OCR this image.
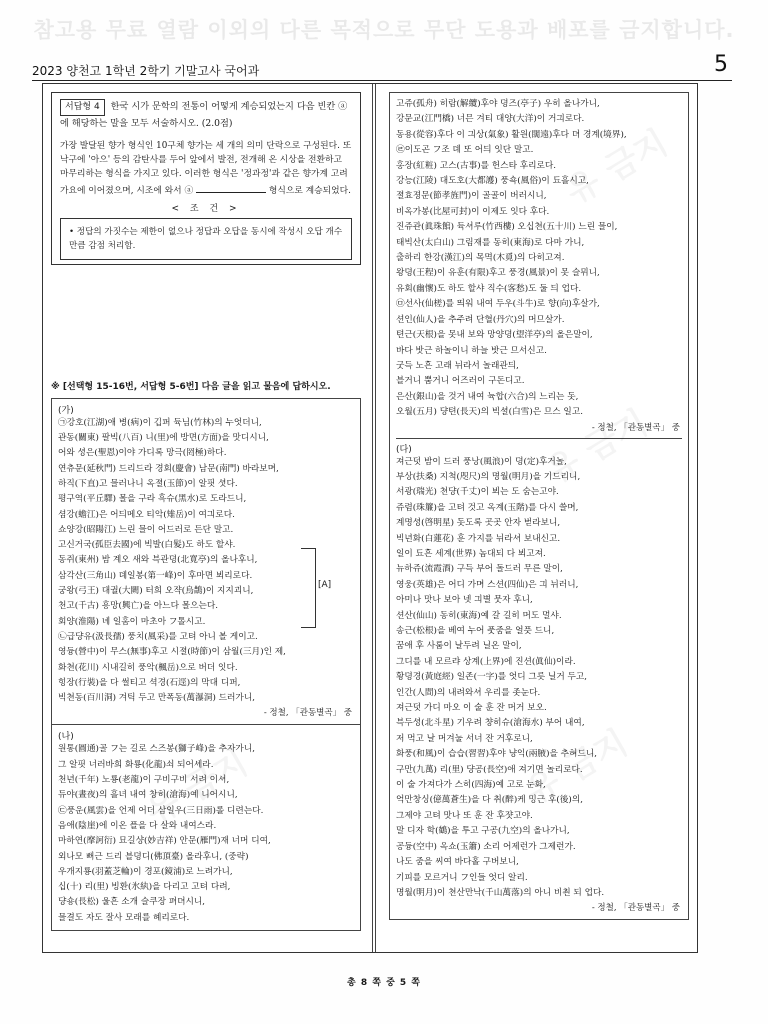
참고용 무료 열람 이외의 다른 목적으로 무단 도용과 배포를 금지합니다.
2023 양천고 1학년 2학기 기말고사 국어과	5
서답형 4 한국 시가 문학의 전통이 어떻게 계승되었는지 다음 빈칸 ⓐ에 해당하는 말을 모두 서술하시오. (2.0점)
가장 발달된 향가 형식인 10구체 향가는 세 개의 의미 단락으로 구성된다. 또 낙구에 '아으' 등의 감탄사를 두어 앞에서 발전, 전개해 온 시상을 전환하고 마무리하는 형식을 가지고 있다. 이러한 형식은 '정과정'과 같은 향가계 고려 가요에 이어졌으며, 시조에 와서 ⓐ	형식으로 계승되었다.
< 조 건 >
• 정답의 가짓수는 제한이 없으나 정답과 오답을 동시에 작성시 오답 개수만큼 감점 처리함.
※ [선택형 15-16번, 서답형 5-6번] 다음 글을 읽고 물음에 답하시오.
(가)
㉠강호(江湖)애 병(病)이 깁퍼 듁님(竹林)의 누엇더니,
관동(關東) 팔빅(八百) 니(里)에 방면(方面)을 맛디시니,
어와 셩은(聖恩)이야 가디록 망극(罔極)하다.
연츄문(延秋門) 드리드라 경회(慶會) 남문(南門) 바라보며,
하직(下直)고 믈러나니 옥졀(玉節)이 알핏 셧다.
평구역(平丘驛) 몰을 구라 흑슈(黑水)로 도라드니,
셤강(蟾江)은 어듸메오 티악(雉岳)이 여긔로다.
쇼양강(昭陽江) 느린 믈이 어드러로 든단 말고.
고신거국(孤臣去國)에 빅발(白髮)도 하도 할샤.
동쥐(東州) 밤 계오 새와 븍관뎡(北寬亭)의 올나후니,
삼각산(三角山) 뎨일봉(第一峰)이 후마면 뵈리로다.
궁왕(弓王) 대궐(大闕) 터희 오쟉(烏鵲)이 지지괴니,
천고(千古) 흥망(興亡)을 아느다 몰으는다.
회양(淮陽) 녜 일홈이 마초아 フ톨시고.
㉡급댱유(汲長孺) 풍치(風采)를 고텨 아니 볼 게이고.
영듕(營中)이 무스(無事)후고 시졀(時節)이 삼월(三月)인 제,
화쳔(花川) 시내길히 풍악(楓岳)으로 버더 잇다.
힝장(行裝)을 다 썰티고 셕경(石逕)의 막대 디퍼,
빅쳔동(百川洞) 겨틱 두고 만폭동(萬瀑洞) 드러가니,
- 정철, 「관동별곡」 중
(나)
원통(圓通)골 フ는 길로 스즈봉(獅子峰)을 추자가니,
그 알핏 너러바희 화룡(化龍)쇠 되어셰라.
천년(千年) 노룡(老龍)이 구비구비 서려 이셔,
듀야(晝夜)의 흘녀 내여 창히(滄海)예 니어시니,
㉢풍운(風雲)을 언제 어더 삼일우(三日雨)롤 디련는다.
음애(陰崖)에 이온 플을 다 살와 내여스라.
마하연(摩訶衍) 묘길샹(妙吉祥) 안문(雁門)재 너머 디여,
외나모 뻐근 드리 블뎡디(佛頂臺) 올라후니, (중략)
우개지룡(羽蓋芝輪)이 경포(鏡浦)로 느려가니,
십(十) 리(里) 빙환(氷紈)을 다리고 고텨 다려,
댱숑(長松) 울흔 소개 슬쿠장 펴뎌시니,
믈결도 자도 잘사 모래를 혜리로다.
[A]
고쥬(孤舟) 히람(解纜)후야 뎡즈(亭子) 우히 올나가니,
강문교(江門橋) 너믄 겨티 대양(大洋)이 거긔로다.
동용(從容)후다 이 긔상(氣象) 활원(闊遠)후다 뎌 경계(境界),
㉣이도곤 フ조 뎨 또 어듸 잇단 말고.
홍장(紅粧) 고스(古事)를 헌스타 후리로다.
강능(江陵) 대도호(大都護) 풍쇽(風俗)이 됴흘시고,
졀효졍문(節孝旌門)이 골골이 버러시니,
비옥가봉(比屋可封)이 이제도 잇다 후다.
진쥬관(眞珠館) 듁셔루(竹西樓) 오십쳔(五十川) 느린 믈이,
태빅산(太白山) 그림재를 동히(東海)로 다마 가니,
출하리 한강(漢江)의 목멱(木覓)의 다히고져.
왕뎡(王程)이 유훈(有限)후고 풍경(風景)이 못 슬뮈니,
유회(幽懷)도 하도 할샤 직수(客愁)도 둘 듸 업다.
㉤선사(仙槎)를 띄워 내여 두우(斗牛)로 향(向)후살가,
션인(仙人)을 추주려 단혈(丹穴)의 머므살가.
텬근(天根)을 못내 보와 망양뎡(望洋亭)의 올은말이,
바다 밧근 하놀이니 하늘 밧근 므서신고.
굿득 노흔 고래 뉘라서 놀래관듸,
블거니 뿜거니 어즈러이 구돈디고.
은산(銀山)을 것거 내여 뉵합(六合)의 느리는 돗,
오월(五月) 댱텬(長天)의 빅셜(白雪)은 므스 일고.
- 정철, 「관동별곡」 중
(다)
져근덧 밤이 드러 풍낭(風浪)이 뎡(定)후거놀,
부상(扶桑) 지척(咫尺)의 명월(明月)을 기드리니,
서광(瑞光) 쳔댱(千丈)이 뵈는 도 숨는고야.
쥬렴(珠簾)을 고텨 것고 옥계(玉階)를 다시 쓸며,
계명셩(啓明星) 돗도록 곳곳 안자 벋라보니,
빅년화(白蓮花) 훈 가지를 뉘라셔 보내신고.
일이 됴흔 세계(世界) 놈대되 다 뵈고져.
뉴하쥬(流霞酒) 구득 부어 돌드러 무른 말이,
영웅(英雄)은 어디 가며 스션(四仙)은 긔 뉘러니,
아미나 맛나 보아 넷 긔별 뭇자 후니,
션산(仙山) 동히(東海)예 갈 길히 머도 멀샤.
송근(松根)을 베여 누어 풋줌을 얼픗 드니,
꿈애 후 사룸이 날두려 닐온 말이,
그디를 내 모르랴 상계(上界)에 진션(眞仙)이라.
황뎡경(黃庭經) 일존(一字)를 엇디 그릇 닐거 두고,
인간(人間)의 내려와셔 우리를 좃눈다.
져근덧 가디 마오 이 술 훈 잔 머거 보오.
븍두셩(北斗星) 기우려 챵히슈(滄海水) 부어 내여,
저 먹고 날 머겨눌 서너 잔 거후로니,
화풍(和風)이 습습(習習)후야 냥익(兩腋)을 추혀드니,
구만(九萬) 리(里) 댱공(長空)애 져기면 놀리로다.
이 술 가져다가 스히(四海)예 고로 눈화,
억만창싱(億萬蒼生)을 다 취(醉)케 밍근 후(後)의,
그제야 고텨 맛나 또 훈 잔 후쟛고야.
말 디자 학(鶴)을 투고 구공(九空)의 올나가니,
공듕(空中) 옥쇼(玉簫) 소리 어제런가 그제런가.
나도 줌을 씨여 바다홀 구버보니,
기피를 모르거니 フ인들 엇디 알리.
명월(明月)이 쳔산만낙(千山萬落)의 아니 비쵠 되 업다.
- 정철, 「관동별곡」 중
총 8 쪽 중 5 쪽
